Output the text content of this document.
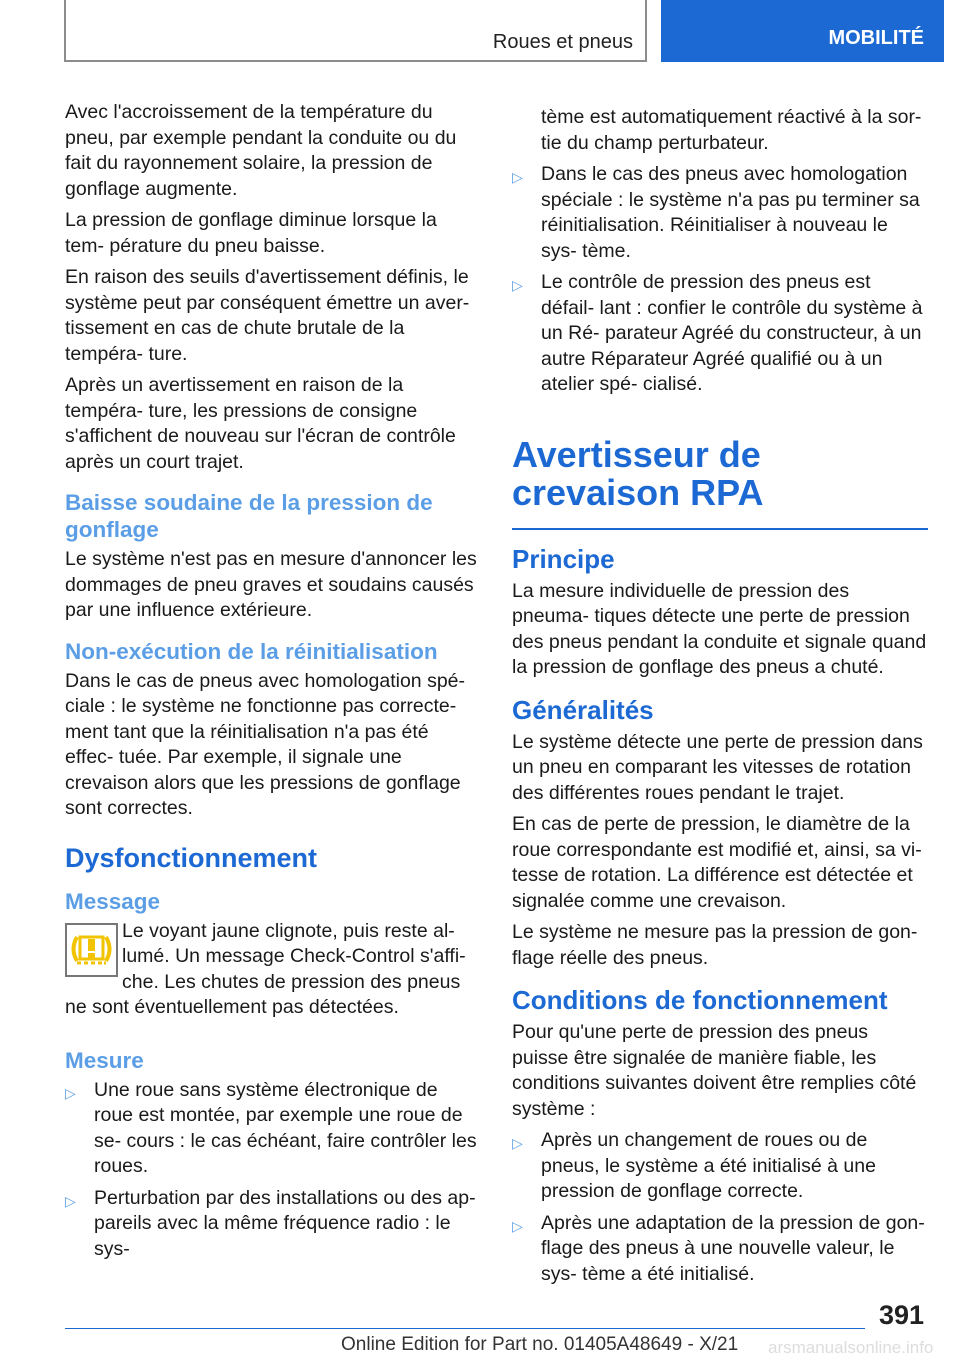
Roues et pneus	MOBILITÉ

Avec l'accroissement de la température du pneu, par exemple pendant la conduite ou du fait du rayonnement solaire, la pression de gonflage augmente.

La pression de gonflage diminue lorsque la tem‐ pérature du pneu baisse.

En raison des seuils d'avertissement définis, le système peut par conséquent émettre un aver‐ tissement en cas de chute brutale de la tempéra‐ ture.

Après un avertissement en raison de la tempéra‐ ture, les pressions de consigne s'affichent de nouveau sur l'écran de contrôle après un court trajet.

Baisse soudaine de la pression de gonflage

Le système n'est pas en mesure d'annoncer les dommages de pneu graves et soudains causés par une influence extérieure.

Non-exécution de la réinitialisation

Dans le cas de pneus avec homologation spé‐ ciale : le système ne fonctionne pas correcte‐ ment tant que la réinitialisation n'a pas été effec‐ tuée. Par exemple, il signale une crevaison alors que les pressions de gonflage sont correctes.

Dysfonctionnement
Message
Le voyant jaune clignote, puis reste al‐ lumé. Un message Check-Control s'affi‐ che. Les chutes de pression des pneus ne sont éventuellement pas détectées.
Mesure
▷ Une roue sans système électronique de roue est montée, par exemple une roue de se‐ cours : le cas échéant, faire contrôler les roues.
▷ Perturbation par des installations ou des ap‐ pareils avec la même fréquence radio : le sys‐
tème est automatiquement réactivé à la sor‐ tie du champ perturbateur.
▷ Dans le cas des pneus avec homologation spéciale : le système n'a pas pu terminer sa réinitialisation. Réinitialiser à nouveau le sys‐ tème.
▷ Le contrôle de pression des pneus est défail‐ lant : confier le contrôle du système à un Ré‐ parateur Agréé du constructeur, à un autre Réparateur Agréé qualifié ou à un atelier spé‐ cialisé.
Avertisseur de crevaison RPA
Principe

La mesure individuelle de pression des pneuma‐ tiques détecte une perte de pression des pneus pendant la conduite et signale quand la pression de gonflage des pneus a chuté.

Généralités

Le système détecte une perte de pression dans un pneu en comparant les vitesses de rotation des différentes roues pendant le trajet.

En cas de perte de pression, le diamètre de la roue correspondante est modifié et, ainsi, sa vi‐ tesse de rotation. La différence est détectée et signalée comme une crevaison.

Le système ne mesure pas la pression de gon‐ flage réelle des pneus.

Conditions de fonctionnement

Pour qu'une perte de pression des pneus puisse être signalée de manière fiable, les conditions suivantes doivent être remplies côté système :

▷ Après un changement de roues ou de pneus, le système a été initialisé à une pression de gonflage correcte.
▷ Après une adaptation de la pression de gon‐ flage des pneus à une nouvelle valeur, le sys‐ tème a été initialisé.
391
Online Edition for Part no. 01405A48649 - X/21 arsmanualsonline.info
